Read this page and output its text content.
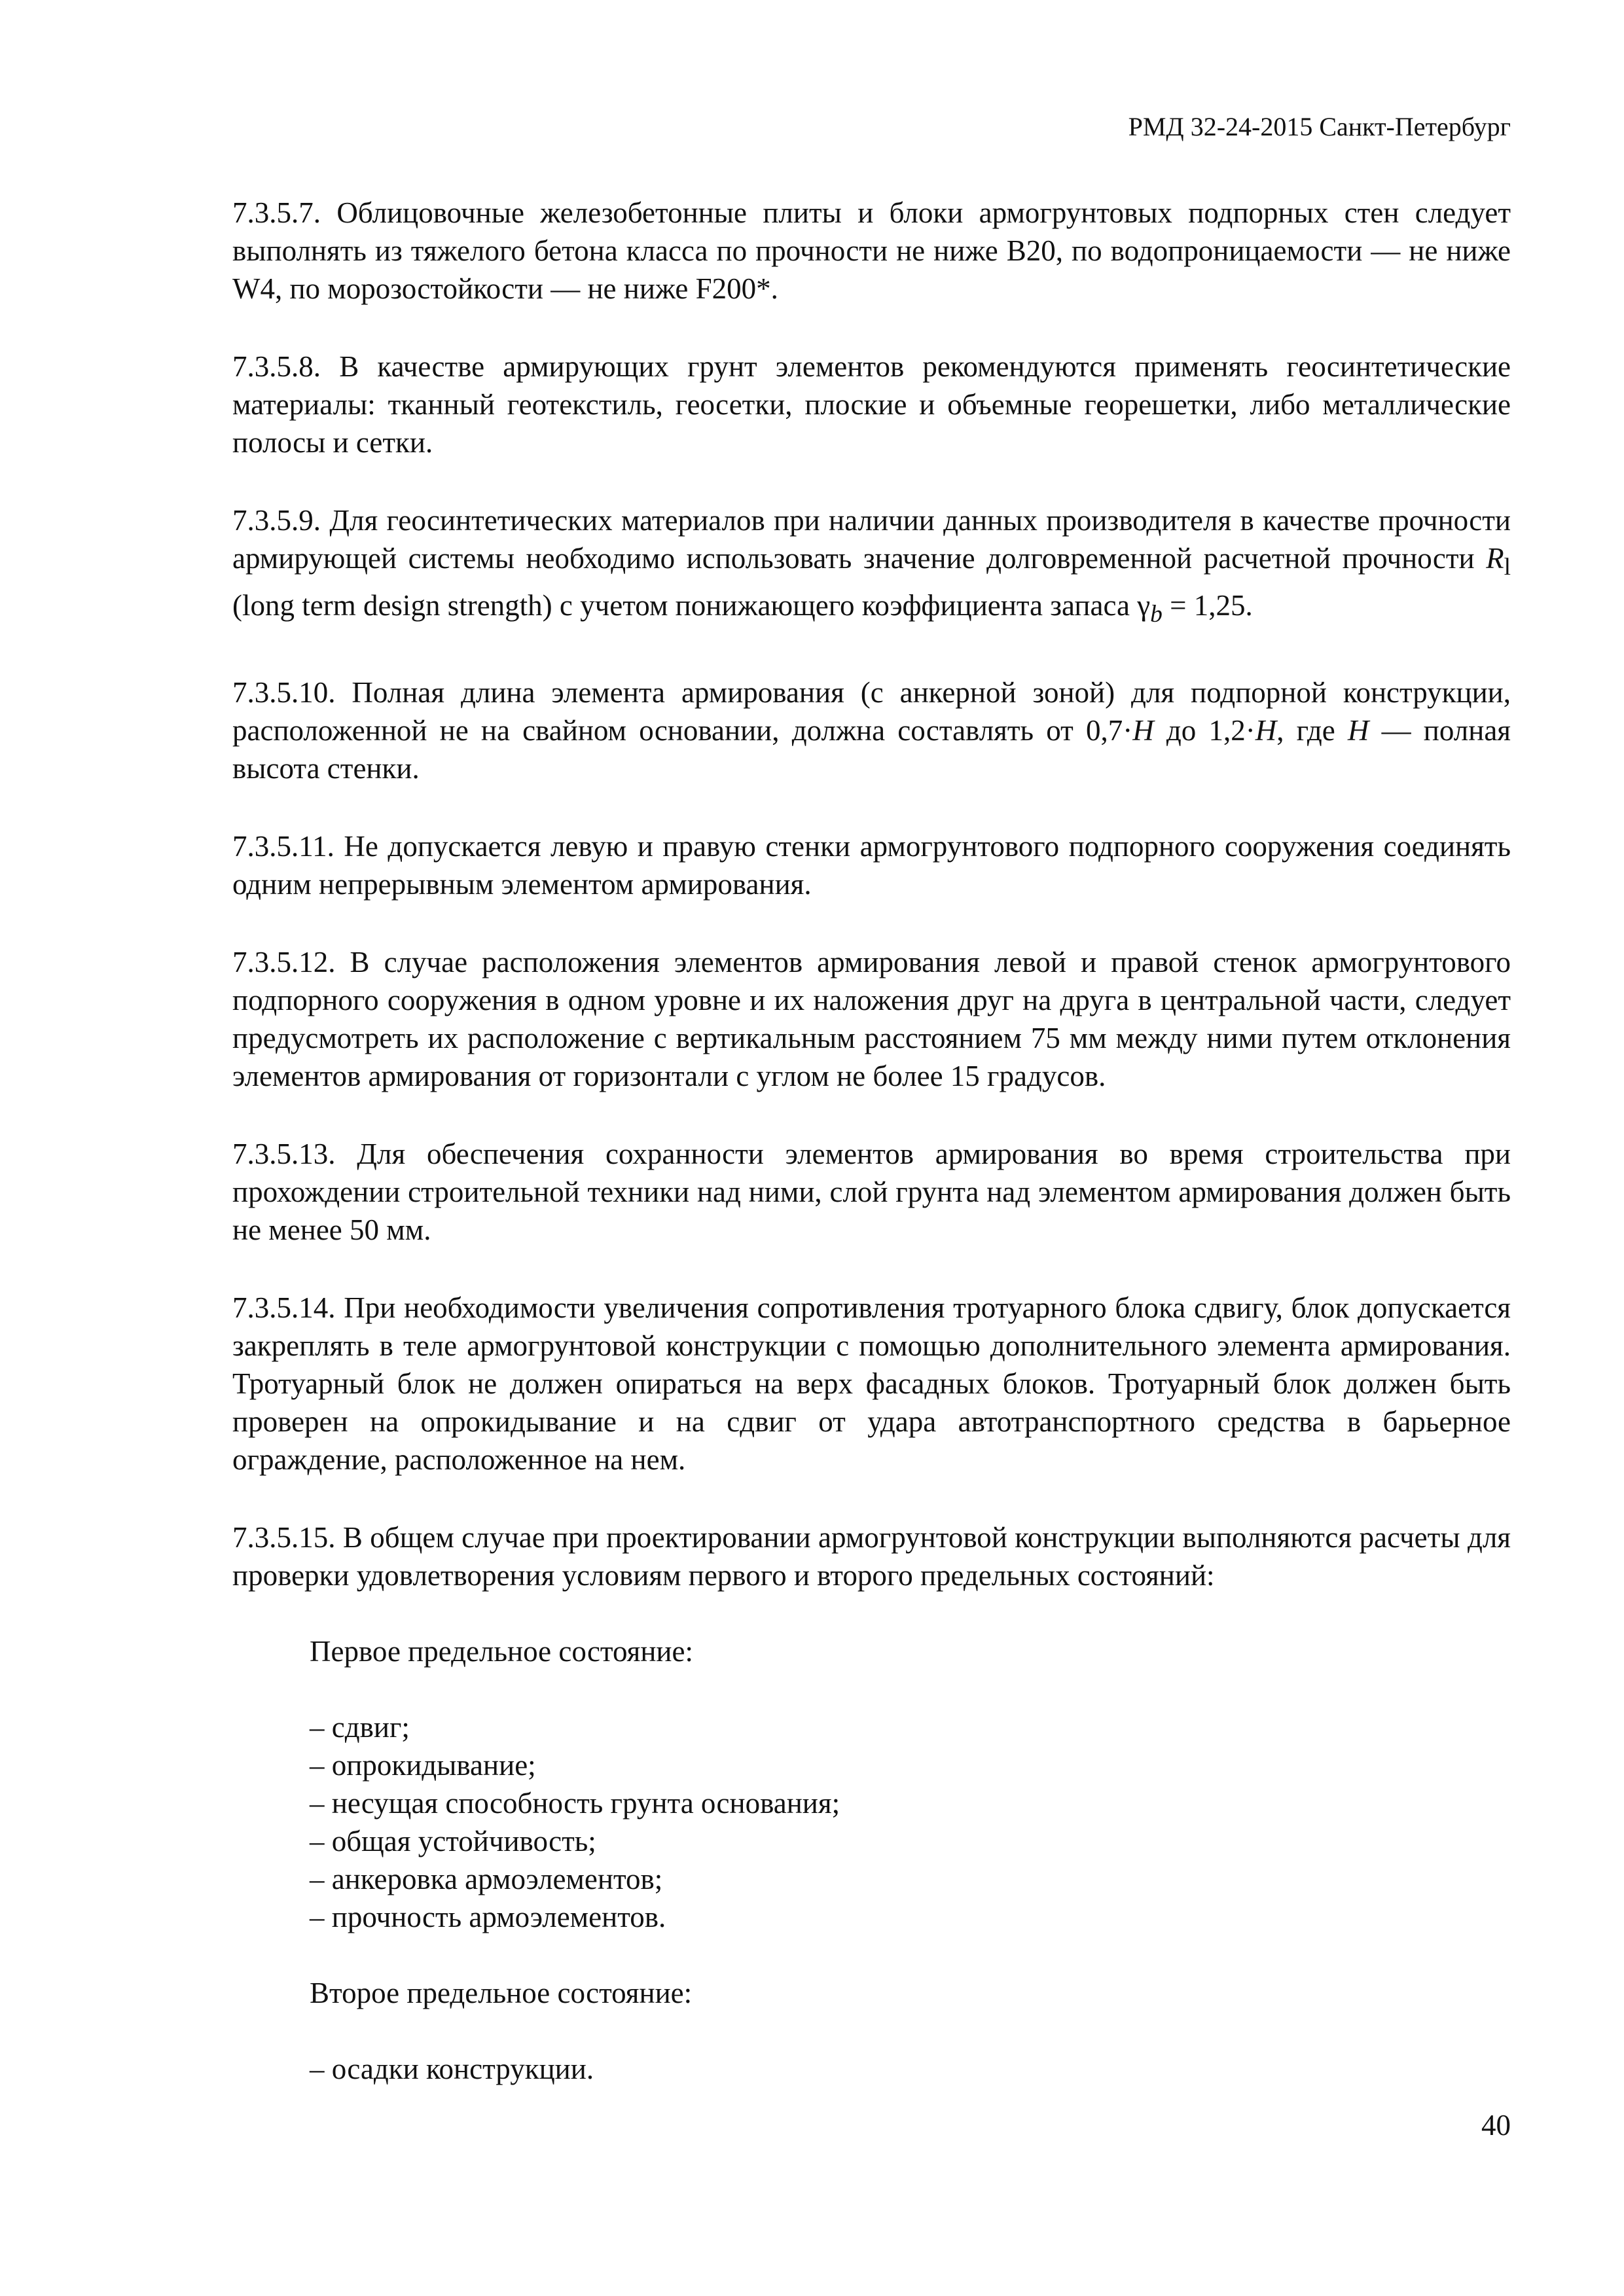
РМД 32-24-2015 Санкт-Петербург

7.3.5.7. Облицовочные железобетонные плиты и блоки армогрунтовых подпорных стен следует выполнять из тяжелого бетона класса по прочности не ниже В20, по водопроницаемости — не ниже W4, по морозостойкости — не ниже F200*.

7.3.5.8. В качестве армирующих грунт элементов рекомендуются применять геосинтетические материалы: тканный геотекстиль, геосетки, плоские и объемные георешетки, либо металлические полосы и сетки.

7.3.5.9. Для геосинтетических материалов при наличии данных производителя в качестве прочности армирующей системы необходимо использовать значение долговременной расчетной прочности $R_l$ (long term design strength) с учетом понижающего коэффициента запаса $\gamma_b = 1,25$.

7.3.5.10. Полная длина элемента армирования (с анкерной зоной) для подпорной конструкции, расположенной не на свайном основании, должна составлять от 0,7·H до 1,2·H, где H — полная высота стенки.

7.3.5.11. Не допускается левую и правую стенки армогрунтового подпорного сооружения соединять одним непрерывным элементом армирования.

7.3.5.12. В случае расположения элементов армирования левой и правой стенок армогрунтового подпорного сооружения в одном уровне и их наложения друг на друга в центральной части, следует предусмотреть их расположение с вертикальным расстоянием 75 мм между ними путем отклонения элементов армирования от горизонтали с углом не более 15 градусов.

7.3.5.13. Для обеспечения сохранности элементов армирования во время строительства при прохождении строительной техники над ними, слой грунта над элементом армирования должен быть не менее 50 мм.

7.3.5.14. При необходимости увеличения сопротивления тротуарного блока сдвигу, блок допускается закреплять в теле армогрунтовой конструкции с помощью дополнительного элемента армирования. Тротуарный блок не должен опираться на верх фасадных блоков. Тротуарный блок должен быть проверен на опрокидывание и на сдвиг от удара автотранспортного средства в барьерное ограждение, расположенное на нем.

7.3.5.15. В общем случае при проектировании армогрунтовой конструкции выполняются расчеты для проверки удовлетворения условиям первого и второго предельных состояний:

Первое предельное состояние:

– сдвиг;
– опрокидывание;
– несущая способность грунта основания;
– общая устойчивость;
– анкеровка армоэлементов;
– прочность армоэлементов.

Второе предельное состояние:

– осадки конструкции.
40
